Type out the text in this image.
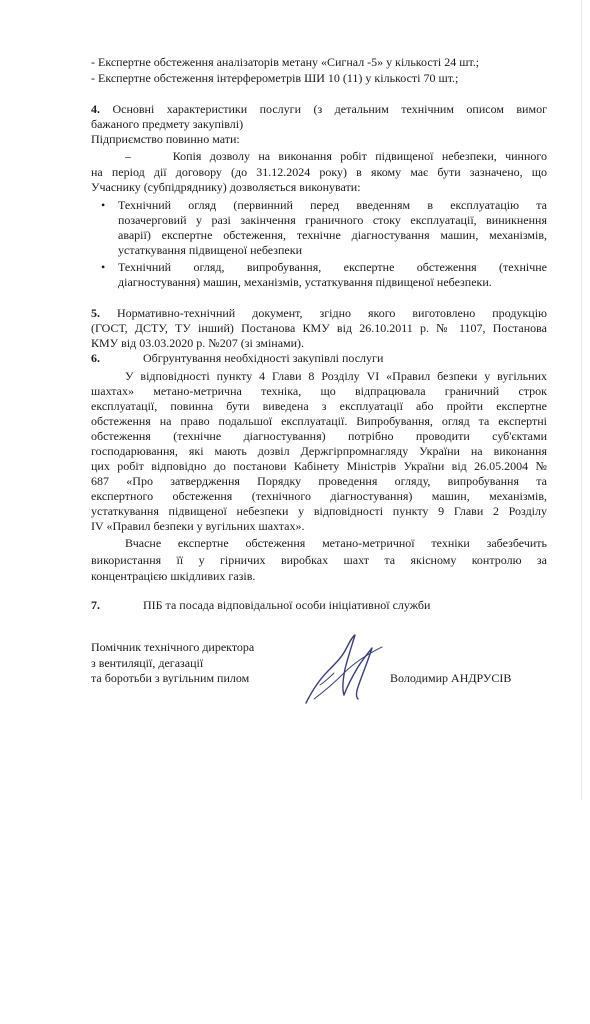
- Експертне обстеження аналізаторів метану «Сигнал -5» у кількості 24 шт.;
- Експертне обстеження інтерферометрів ШИ 10 (11) у кількості 70 шт.;
4. Основні характеристики послуги (з детальним технічним описом вимог
бажаного предмету закупівлі)
Підприємство повинно мати:
–	Копія дозволу на виконання робіт підвищеної небезпеки, чинного
на період дії договору (до 31.12.2024 року) в якому має бути зазначено, що
Учаснику (субпідряднику) дозволяється виконувати:
• Технічний огляд (первинний перед введенням в експлуатацію та
позачерговий у разі закінчення граничного стоку експлуатації, виникнення
аварії) експертне обстеження, технічне діагностування машин, механізмів,
устаткування підвищеної небезпеки
• Технічний огляд, випробування, експертне обстеження (технічне
діагностування) машин, механізмів, устаткування підвищеної небезпеки.
5. Нормативно-технічний документ, згідно якого виготовлено продукцію
(ГОСТ, ДСТУ, ТУ інший) Постанова КМУ від 26.10.2011 р. № 1107, Постанова
КМУ від 03.03.2020 р. №207 (зі змінами).
6.	Обгрунтування необхідності закупівлі послуги
У відповідності пункту 4 Глави 8 Розділу VI «Правил безпеки у вугільних
шахтах» метано-метрична техніка, що відпрацювала граничний строк
експлуатації, повинна бути виведена з експлуатації або пройти експертне
обстеження на право подальшої експлуатації. Випробування, огляд та експертні
обстеження (технічне діагностування) потрібно проводити суб'єктами
господарювання, які мають дозвіл Держгірпромнагляду України на виконання
цих робіт відповідно до постанови Кабінету Міністрів України від 26.05.2004 №
687 «Про затвердження Порядку проведення огляду, випробування та
експертного обстеження (технічного діагностування) машин, механізмів,
устаткування підвищеної небезпеки у відповідності пункту 9 Глави 2 Розділу
IV «Правил безпеки у вугільних шахтах».
Вчасне експертне обстеження метано-метричної техніки забезбечить
використання її у гірничих виробках шахт та якісному контролю за
концентрацією шкідливих газів.
7.	ПІБ та посада відповідальної особи ініціативної служби
Помічник технічного директора
з вентиляції, дегазації
та боротьби з вугільним пилом	Володимир АНДРУСІВ
